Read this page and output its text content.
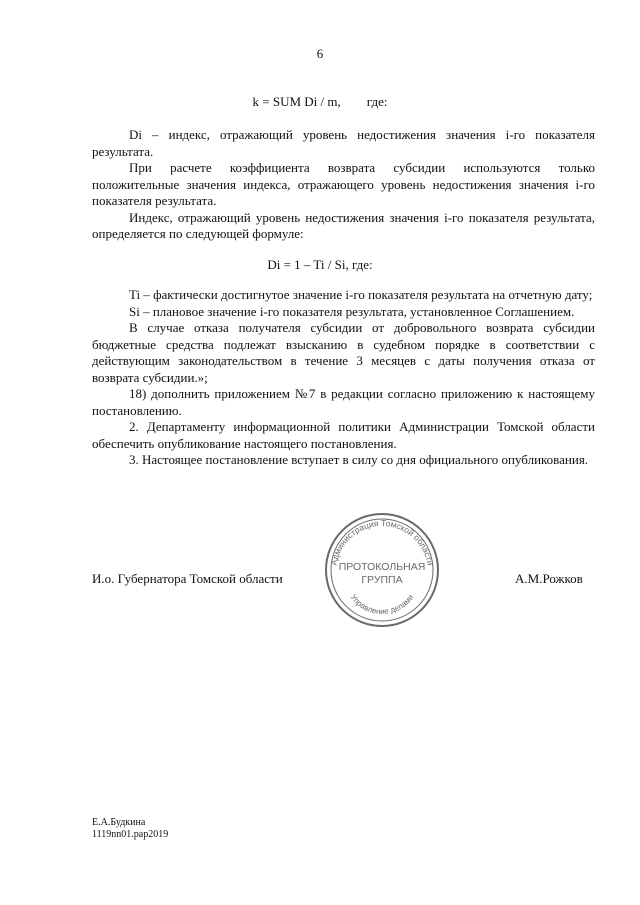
6
k = SUM Di / m,        где:

Di – индекс, отражающий уровень недостижения значения i-го показателя результата.

При расчете коэффициента возврата субсидии используются только положительные значения индекса, отражающего уровень недостижения значения i-го показателя результата.

Индекс, отражающий уровень недостижения значения i-го показателя результата, определяется по следующей формуле:

Di = 1 – Ti / Si, где:

Ti – фактически достигнутое значение i-го показателя результата на отчетную дату;

Si – плановое значение i-го показателя результата, установленное Соглашением.

В случае отказа получателя субсидии от добровольного возврата субсидии бюджетные средства подлежат взысканию в судебном порядке в соответствии с действующим законодательством в течение 3 месяцев с даты получения отказа от возврата субсидии.»;

18) дополнить приложением №7 в редакции согласно приложению к настоящему постановлению.

2. Департаменту информационной политики Администрации Томской области обеспечить опубликование настоящего постановления.

3. Настоящее постановление вступает в силу со дня официального опубликования.

Администрация Томской области
Управление делами
ПРОТОКОЛЬНАЯ
ГРУППА
И.о. Губернатора Томской области	А.М.Рожков
Е.А.Будкина
1119nn01.pap2019
